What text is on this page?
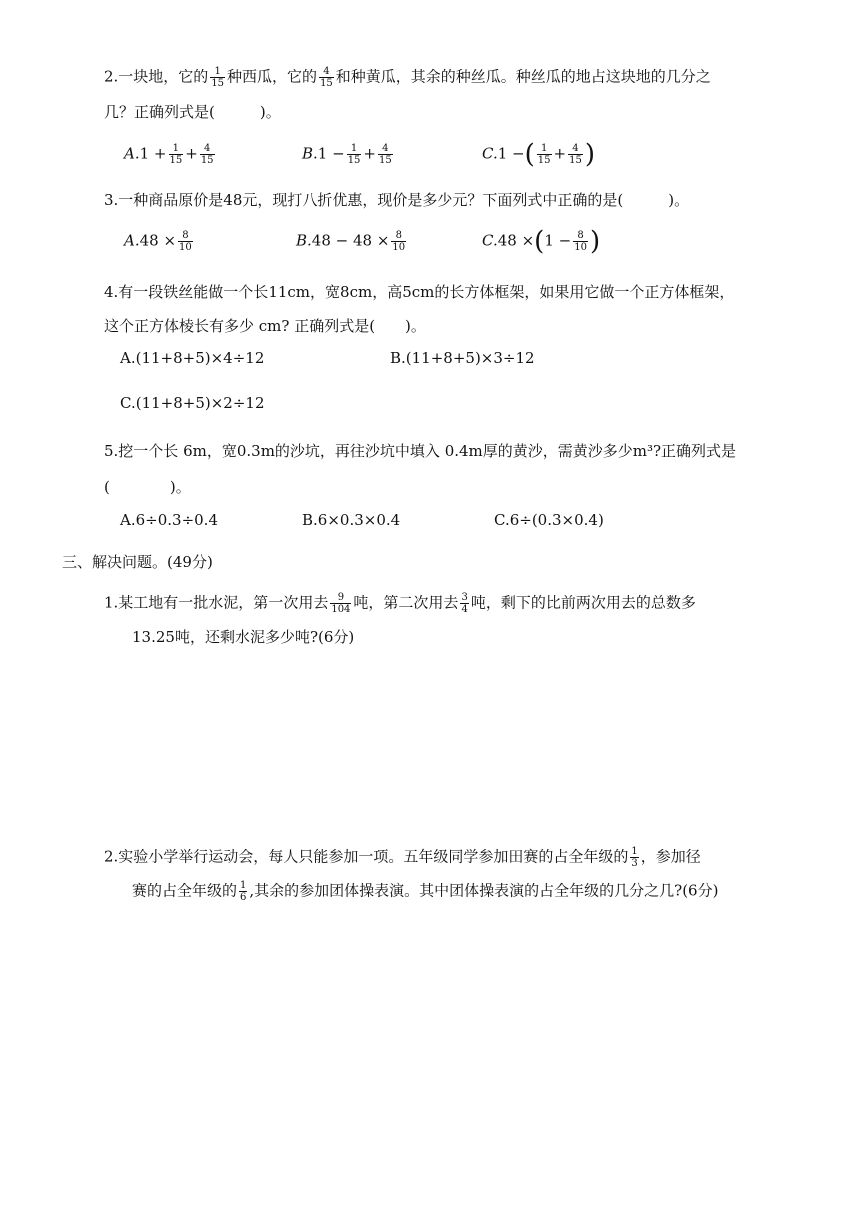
2.一块地，它的 $\frac{1}{15}$ 种西瓜，它的 $\frac{4}{15}$ 和种黄瓜，其余的种丝瓜。种丝瓜的地占这块地的几分之
几？正确列式是(　　　)。
$A.1 + \frac{1}{15} + \frac{4}{15}$	$B.1 - \frac{1}{15} + \frac{4}{15}$	C.1 −( $\frac{1}{15} + \frac{4}{15}$ )
3.一种商品原价是48元，现打八折优惠，现价是多少元？下面列式中正确的是(　　　)。
$A.48 \times \frac{8}{10}$	$B.48 - 48 \times \frac{8}{10}$	$C.48 \times(1 - \frac{8}{10}$ )
4.有一段铁丝能做一个长11cm，宽8cm，高5cm的长方体框架，如果用它做一个正方体框架，
这个正方体棱长有多少 cm? 正确列式是(　　)。
A.(11+8+5)×4÷12	B.(11+8+5)×3÷12
C.(11+8+5)×2÷12
5.挖一个长 6m，宽0.3m的沙坑，再往沙坑中填入 0.4m厚的黄沙，需黄沙多少m³?正确列式是
(　　　　)。
A.6÷0.3÷0.4	B.6×0.3×0.4	C.6÷(0.3×0.4)
三、解决问题。(49分)
1.某工地有一批水泥，第一次用去 $\frac{9}{104}$ 吨，第二次用去 $\frac{3}{4}$ 吨，剩下的比前两次用去的总数多
13.25吨，还剩水泥多少吨?(6分)
2.实验小学举行运动会，每人只能参加一项。五年级同学参加田赛的占全年级的 $\frac{1}{3}$ ，参加径
赛的占全年级的 $\frac{1}{6}$ ,其余的参加团体操表演。其中团体操表演的占全年级的几分之几?(6分)
